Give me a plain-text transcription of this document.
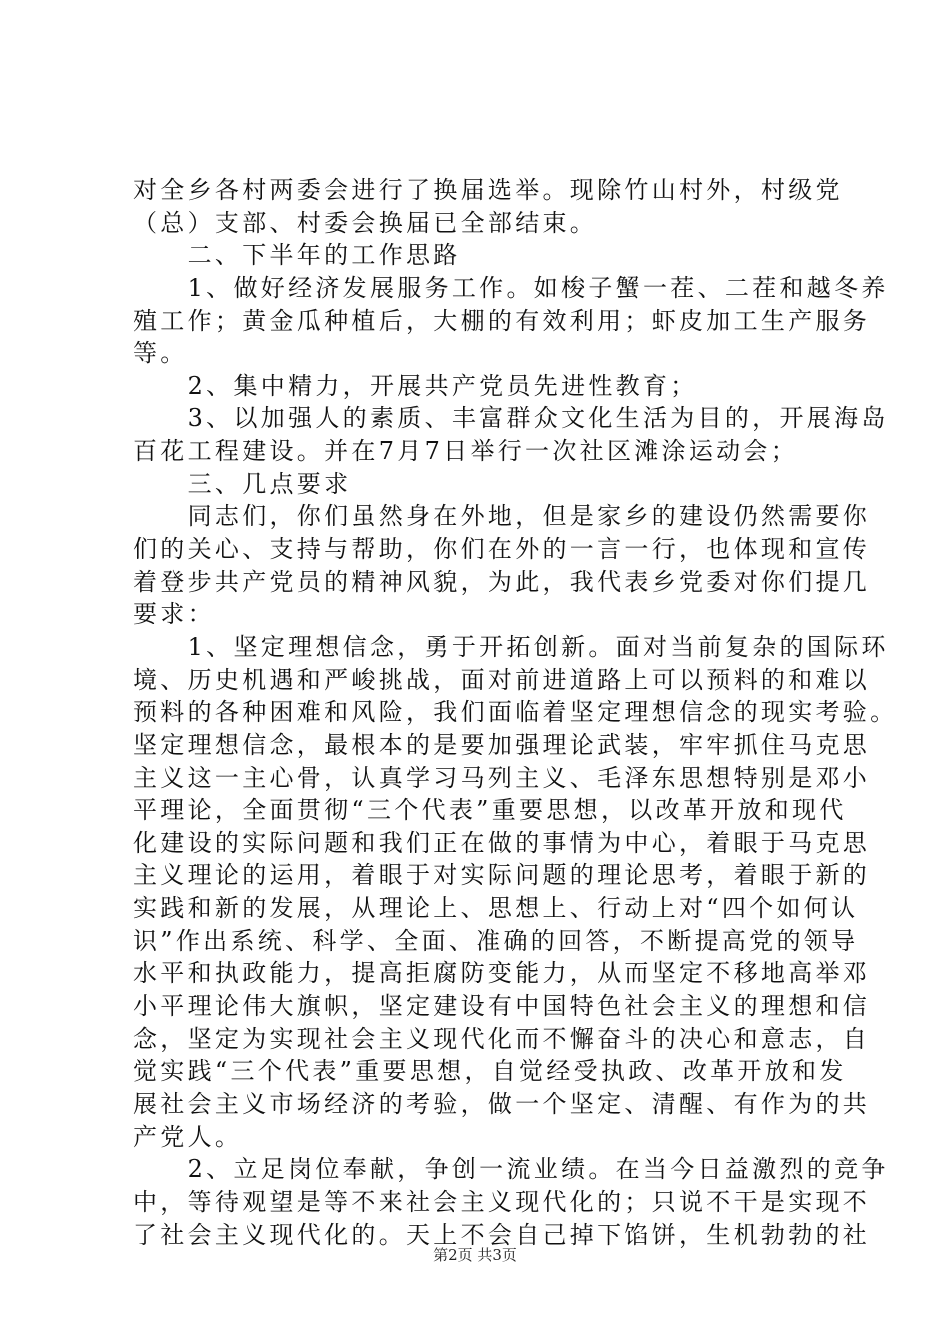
对全乡各村两委会进行了换届选举。现除竹山村外，村级党
（总）支部、村委会换届已全部结束。
　　二、下半年的工作思路
　　1、做好经济发展服务工作。如梭子蟹一茬、二茬和越冬养
殖工作；黄金瓜种植后，大棚的有效利用；虾皮加工生产服务
等。
　　2、集中精力，开展共产党员先进性教育；
　　3、以加强人的素质、丰富群众文化生活为目的，开展海岛
百花工程建设。并在7月7日举行一次社区滩涂运动会；
　　三、几点要求
　　同志们，你们虽然身在外地，但是家乡的建设仍然需要你
们的关心、支持与帮助，你们在外的一言一行，也体现和宣传
着登步共产党员的精神风貌，为此，我代表乡党委对你们提几
要求：
　　1、坚定理想信念，勇于开拓创新。面对当前复杂的国际环
境、历史机遇和严峻挑战，面对前进道路上可以预料的和难以
预料的各种困难和风险，我们面临着坚定理想信念的现实考验。
坚定理想信念，最根本的是要加强理论武装，牢牢抓住马克思
主义这一主心骨，认真学习马列主义、毛泽东思想特别是邓小
平理论，全面贯彻“三个代表”重要思想，以改革开放和现代
化建设的实际问题和我们正在做的事情为中心，着眼于马克思
主义理论的运用，着眼于对实际问题的理论思考，着眼于新的
实践和新的发展，从理论上、思想上、行动上对“四个如何认
识”作出系统、科学、全面、准确的回答，不断提高党的领导
水平和执政能力，提高拒腐防变能力，从而坚定不移地高举邓
小平理论伟大旗帜，坚定建设有中国特色社会主义的理想和信
念，坚定为实现社会主义现代化而不懈奋斗的决心和意志，自
觉实践“三个代表”重要思想，自觉经受执政、改革开放和发
展社会主义市场经济的考验，做一个坚定、清醒、有作为的共
产党人。
　　2、立足岗位奉献，争创一流业绩。在当今日益激烈的竞争
中，等待观望是等不来社会主义现代化的；只说不干是实现不
了社会主义现代化的。天上不会自己掉下馅饼，生机勃勃的社
第2页 共3页
